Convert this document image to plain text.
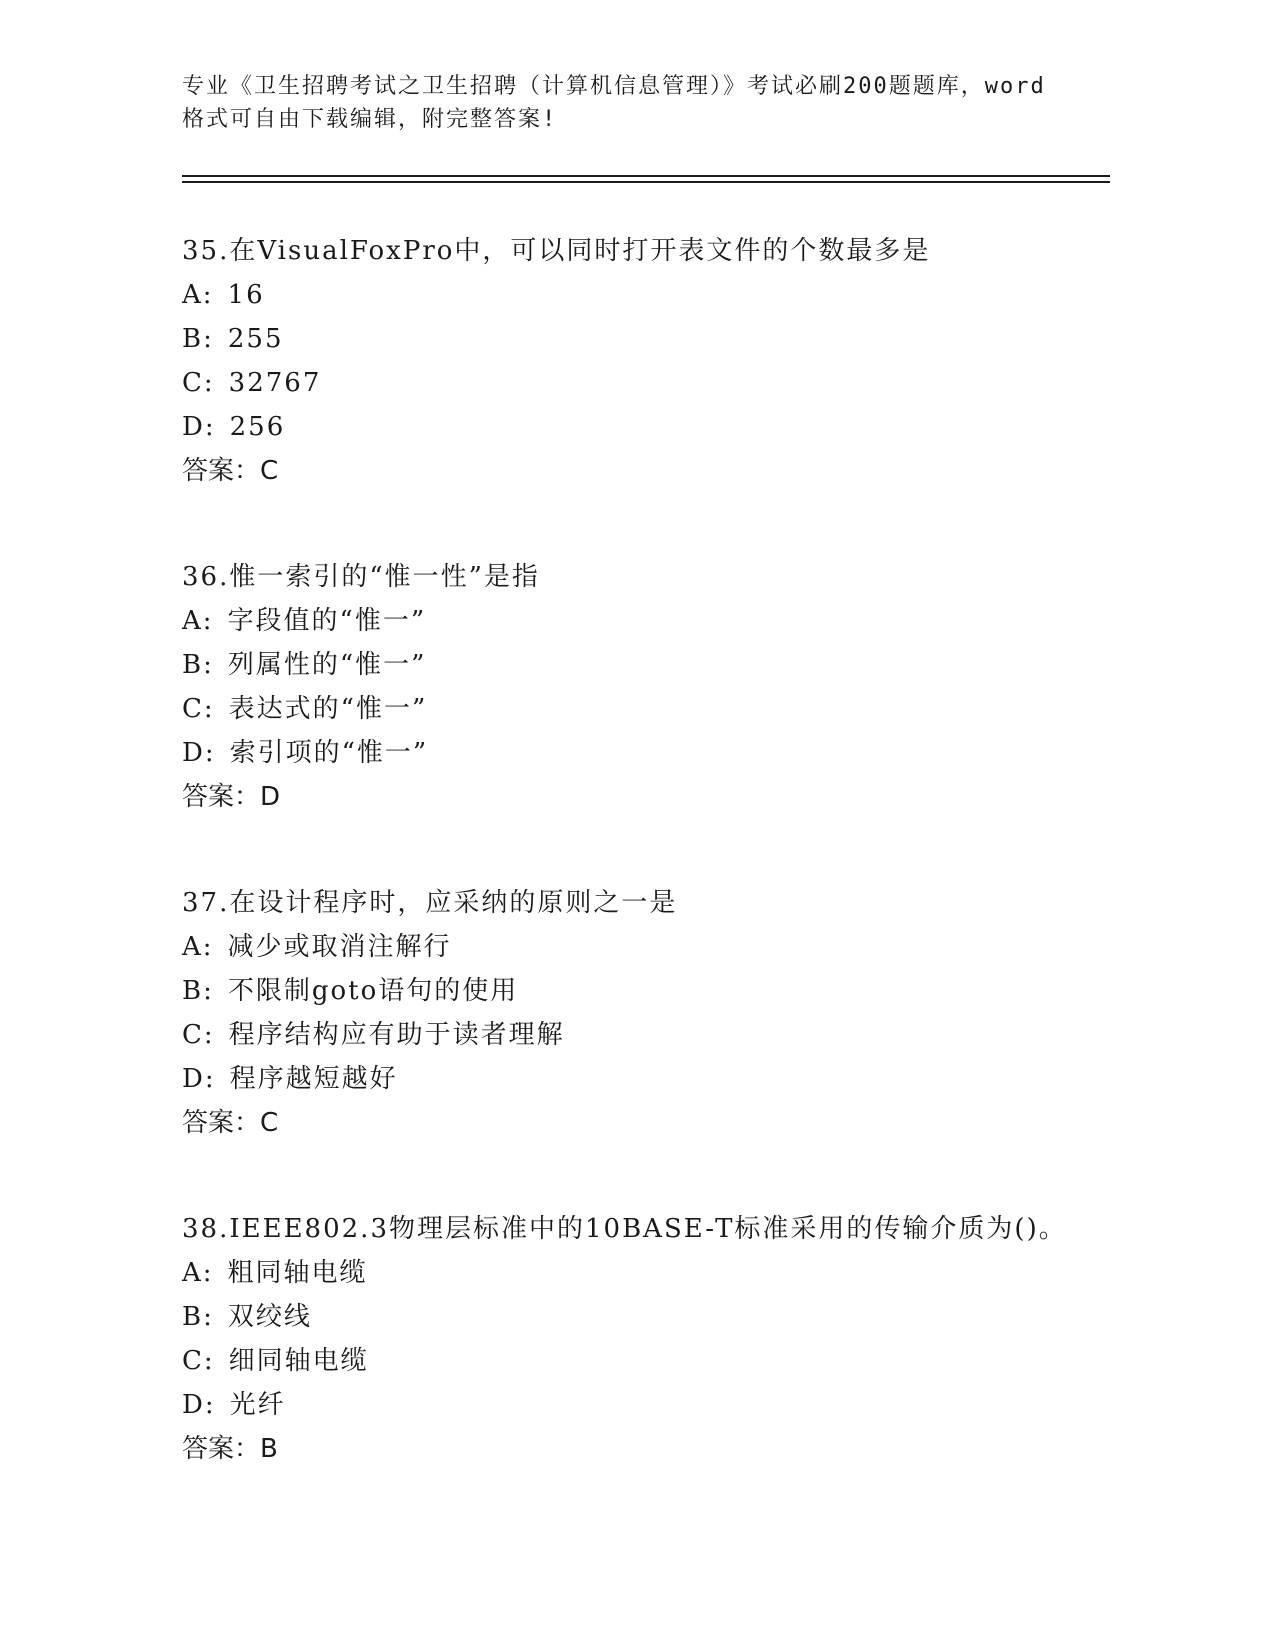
专业《卫生招聘考试之卫生招聘（计算机信息管理）》考试必刷200题题库，word

格式可自由下载编辑，附完整答案!

35.在VisualFoxPro中，可以同时打开表文件的个数最多是
A: 16
B: 255
C: 32767
D: 256
答案：C
36.惟一索引的“惟一性”是指
A: 字段值的“惟一”
B: 列属性的“惟一”
C: 表达式的“惟一”
D: 索引项的“惟一”
答案：D
37.在设计程序时，应采纳的原则之一是
A: 减少或取消注解行
B: 不限制goto语句的使用
C: 程序结构应有助于读者理解
D: 程序越短越好
答案：C
38.IEEE802.3物理层标准中的10BASE-T标准采用的传输介质为()。
A: 粗同轴电缆
B: 双绞线
C: 细同轴电缆
D: 光纤
答案：B
